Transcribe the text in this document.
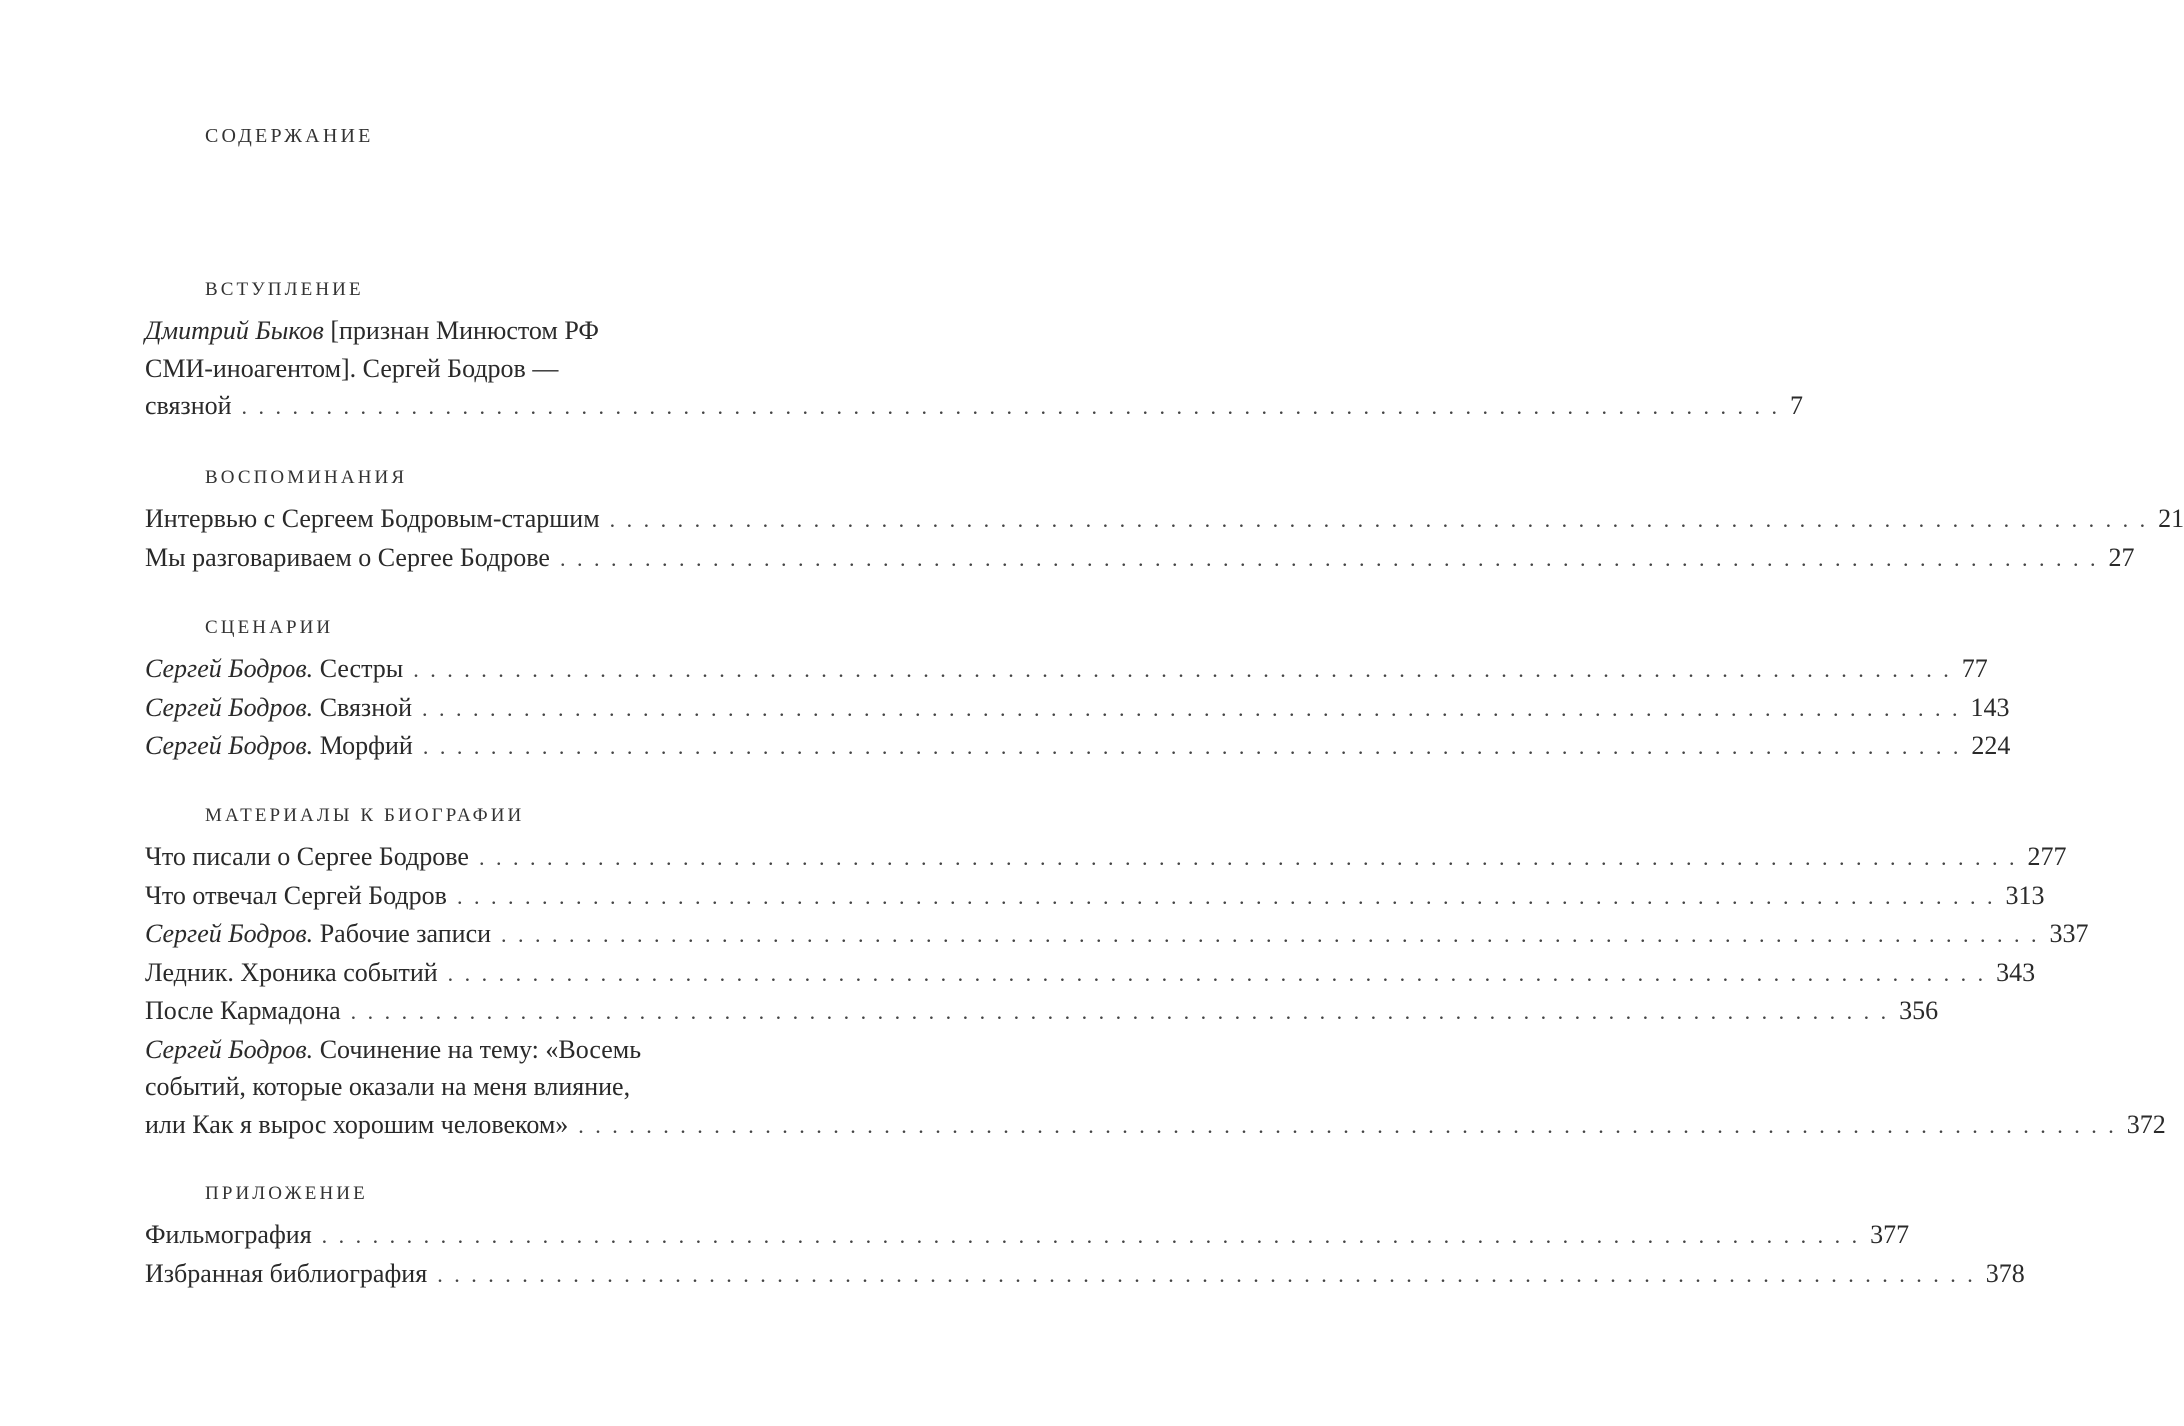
СОДЕРЖАНИЕ
ВСТУПЛЕНИЕ
Дмитрий Быков [признан Минюстом РФ
СМИ-иноагентом]. Сергей Бодров —
связной . . . . . . . . . . . . . . . . . . . . . . . . . . . . . . . . . . . . . . . . . . . . . . . . . . . . . . . . . . . . . . . . . . . . . . . . . . . . . . . . . . . . . . . . . . . 7
ВОСПОМИНАНИЯ
Интервью с Сергеем Бодровым-старшим . . . . . . . . . . . . . . . . . . . . . . . . . . . . . . . . . . . . . . . . . . . . . . . . . . . . . . . . . . . . . . . . . . . . . . . . . . . . . . . . . . . . . . . . . . . 21
Мы разговариваем о Сергее Бодрове . . . . . . . . . . . . . . . . . . . . . . . . . . . . . . . . . . . . . . . . . . . . . . . . . . . . . . . . . . . . . . . . . . . . . . . . . . . . . . . . . . . . . . . . . . . 27
СЦЕНАРИИ
Сергей Бодров. Сестры . . . . . . . . . . . . . . . . . . . . . . . . . . . . . . . . . . . . . . . . . . . . . . . . . . . . . . . . . . . . . . . . . . . . . . . . . . . . . . . . . . . . . . . . . . . 77
Сергей Бодров. Связной . . . . . . . . . . . . . . . . . . . . . . . . . . . . . . . . . . . . . . . . . . . . . . . . . . . . . . . . . . . . . . . . . . . . . . . . . . . . . . . . . . . . . . . . . . . 143
Сергей Бодров. Морфий . . . . . . . . . . . . . . . . . . . . . . . . . . . . . . . . . . . . . . . . . . . . . . . . . . . . . . . . . . . . . . . . . . . . . . . . . . . . . . . . . . . . . . . . . . . 224
МАТЕРИАЛЫ К БИОГРАФИИ
Что писали о Сергее Бодрове . . . . . . . . . . . . . . . . . . . . . . . . . . . . . . . . . . . . . . . . . . . . . . . . . . . . . . . . . . . . . . . . . . . . . . . . . . . . . . . . . . . . . . . . . . . 277
Что отвечал Сергей Бодров . . . . . . . . . . . . . . . . . . . . . . . . . . . . . . . . . . . . . . . . . . . . . . . . . . . . . . . . . . . . . . . . . . . . . . . . . . . . . . . . . . . . . . . . . . . 313
Сергей Бодров. Рабочие записи . . . . . . . . . . . . . . . . . . . . . . . . . . . . . . . . . . . . . . . . . . . . . . . . . . . . . . . . . . . . . . . . . . . . . . . . . . . . . . . . . . . . . . . . . . . 337
Ледник. Хроника событий . . . . . . . . . . . . . . . . . . . . . . . . . . . . . . . . . . . . . . . . . . . . . . . . . . . . . . . . . . . . . . . . . . . . . . . . . . . . . . . . . . . . . . . . . . . 343
После Кармадона . . . . . . . . . . . . . . . . . . . . . . . . . . . . . . . . . . . . . . . . . . . . . . . . . . . . . . . . . . . . . . . . . . . . . . . . . . . . . . . . . . . . . . . . . . . 356
Сергей Бодров. Сочинение на тему: «Восемь
событий, которые оказали на меня влияние,
или Как я вырос хорошим человеком» . . . . . . . . . . . . . . . . . . . . . . . . . . . . . . . . . . . . . . . . . . . . . . . . . . . . . . . . . . . . . . . . . . . . . . . . . . . . . . . . . . . . . . . . . . . 372
ПРИЛОЖЕНИЕ
Фильмография . . . . . . . . . . . . . . . . . . . . . . . . . . . . . . . . . . . . . . . . . . . . . . . . . . . . . . . . . . . . . . . . . . . . . . . . . . . . . . . . . . . . . . . . . . . 377
Избранная библиография . . . . . . . . . . . . . . . . . . . . . . . . . . . . . . . . . . . . . . . . . . . . . . . . . . . . . . . . . . . . . . . . . . . . . . . . . . . . . . . . . . . . . . . . . . . 378
